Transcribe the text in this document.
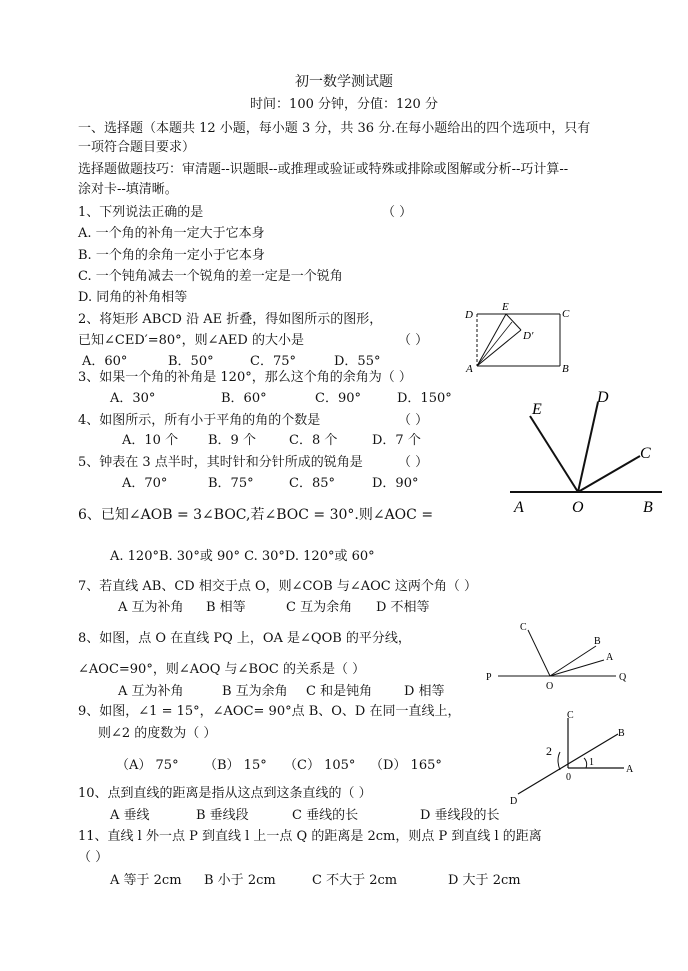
初一数学测试题
时间：100 分钟，分值：120 分
一、选择题（本题共 12 小题，每小题 3 分，共 36 分.在每小题给出的四个选项中，只有
一项符合题目要求）
选择题做题技巧：审清题--识题眼--或推理或验证或特殊或排除或图解或分析--巧计算--
涂对卡--填清晰。
1、下列说法正确的是	（ ）
A. 一个角的补角一定大于它本身
B. 一个角的余角一定小于它本身
C. 一个钝角减去一个锐角的差一定是一个锐角
D. 同角的补角相等
2、将矩形 ABCD 沿 AE 折叠，得如图所示的图形，
已知∠CED′=80°，则∠AED 的大小是	（ ）
A．60°	B．50°	C．75°	D．55°
D
E
C
D′
A	B
3、如果一个角的补角是 120°，那么这个角的余角为（ ）
A．30°	B．60°	C．90°	D．150°
4、如图所示，所有小于平角的角的个数是	（ ）
A．10 个 B．9 个	C．8 个	D．7 个
E
D
C
A	O	B
5、钟表在 3 点半时，其时针和分针所成的锐角是	（ ）
A．70°	B．75°	C．85°	D．90°
6、已知∠AOB = 3∠BOC,若∠BOC = 30°.则∠AOC =
A. 120°B. 30°或 90° C. 30°D. 120°或 60°
7、若直线 AB、CD 相交于点 O，则∠COB 与∠AOC 这两个角（ ）
A 互为补角 B 相等	C 互为余角 D 不相等
8、如图，点 O 在直线 PQ 上，OA 是∠QOB 的平分线，
∠AOC=90°，则∠AOQ 与∠BOC 的关系是（ ）
A 互为补角	B 互为余角 C 和是钝角 D 相等
C
B
A
P
O
Q
9、如图，∠1 = 15°，∠AOC= 90°点 B、O、D 在同一直线上，
则∠2 的度数为（ ）
（A） 75° （B） 15° （C） 105° （D） 165°
C
B
2
1
0
A
D
10、点到直线的距离是指从这点到这条直线的（ ）
A 垂线	B 垂线段	C 垂线的长	D 垂线段的长
11、直线 l 外一点 P 到直线 l 上一点 Q 的距离是 2cm，则点 P 到直线 l 的距离
（ ）
A 等于 2cm B 小于 2cm	C 不大于 2cm	D 大于 2cm
